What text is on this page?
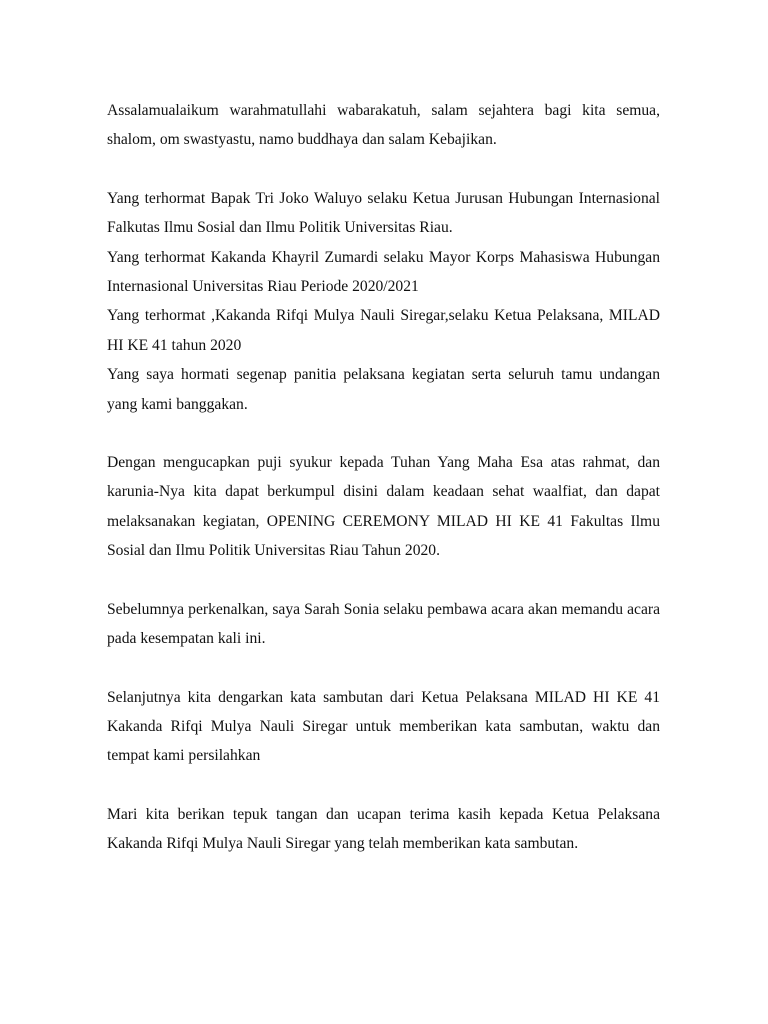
Assalamualaikum warahmatullahi wabarakatuh, salam sejahtera bagi kita semua, shalom, om swastyastu, namo buddhaya dan salam Kebajikan.

Yang terhormat Bapak Tri Joko Waluyo selaku Ketua Jurusan Hubungan Internasional Falkutas Ilmu Sosial dan Ilmu Politik Universitas Riau.

Yang terhormat Kakanda Khayril Zumardi selaku Mayor Korps Mahasiswa Hubungan Internasional Universitas Riau Periode 2020/2021

Yang terhormat ,Kakanda Rifqi Mulya Nauli Siregar,selaku Ketua Pelaksana, MILAD HI KE 41 tahun 2020

Yang saya hormati segenap panitia pelaksana kegiatan serta seluruh tamu undangan yang kami banggakan.

Dengan mengucapkan puji syukur kepada Tuhan Yang Maha Esa atas rahmat, dan karunia-Nya kita dapat berkumpul disini dalam keadaan sehat waalfiat, dan dapat melaksanakan kegiatan, OPENING CEREMONY MILAD HI KE 41 Fakultas Ilmu Sosial dan Ilmu Politik Universitas Riau Tahun 2020.

Sebelumnya perkenalkan, saya Sarah Sonia selaku pembawa acara akan memandu acara pada kesempatan kali ini.

Selanjutnya kita dengarkan kata sambutan dari Ketua Pelaksana MILAD HI KE 41 Kakanda Rifqi Mulya Nauli Siregar untuk memberikan kata sambutan, waktu dan tempat kami persilahkan

Mari kita berikan tepuk tangan dan ucapan terima kasih kepada Ketua Pelaksana Kakanda Rifqi Mulya Nauli Siregar yang telah memberikan kata sambutan.
